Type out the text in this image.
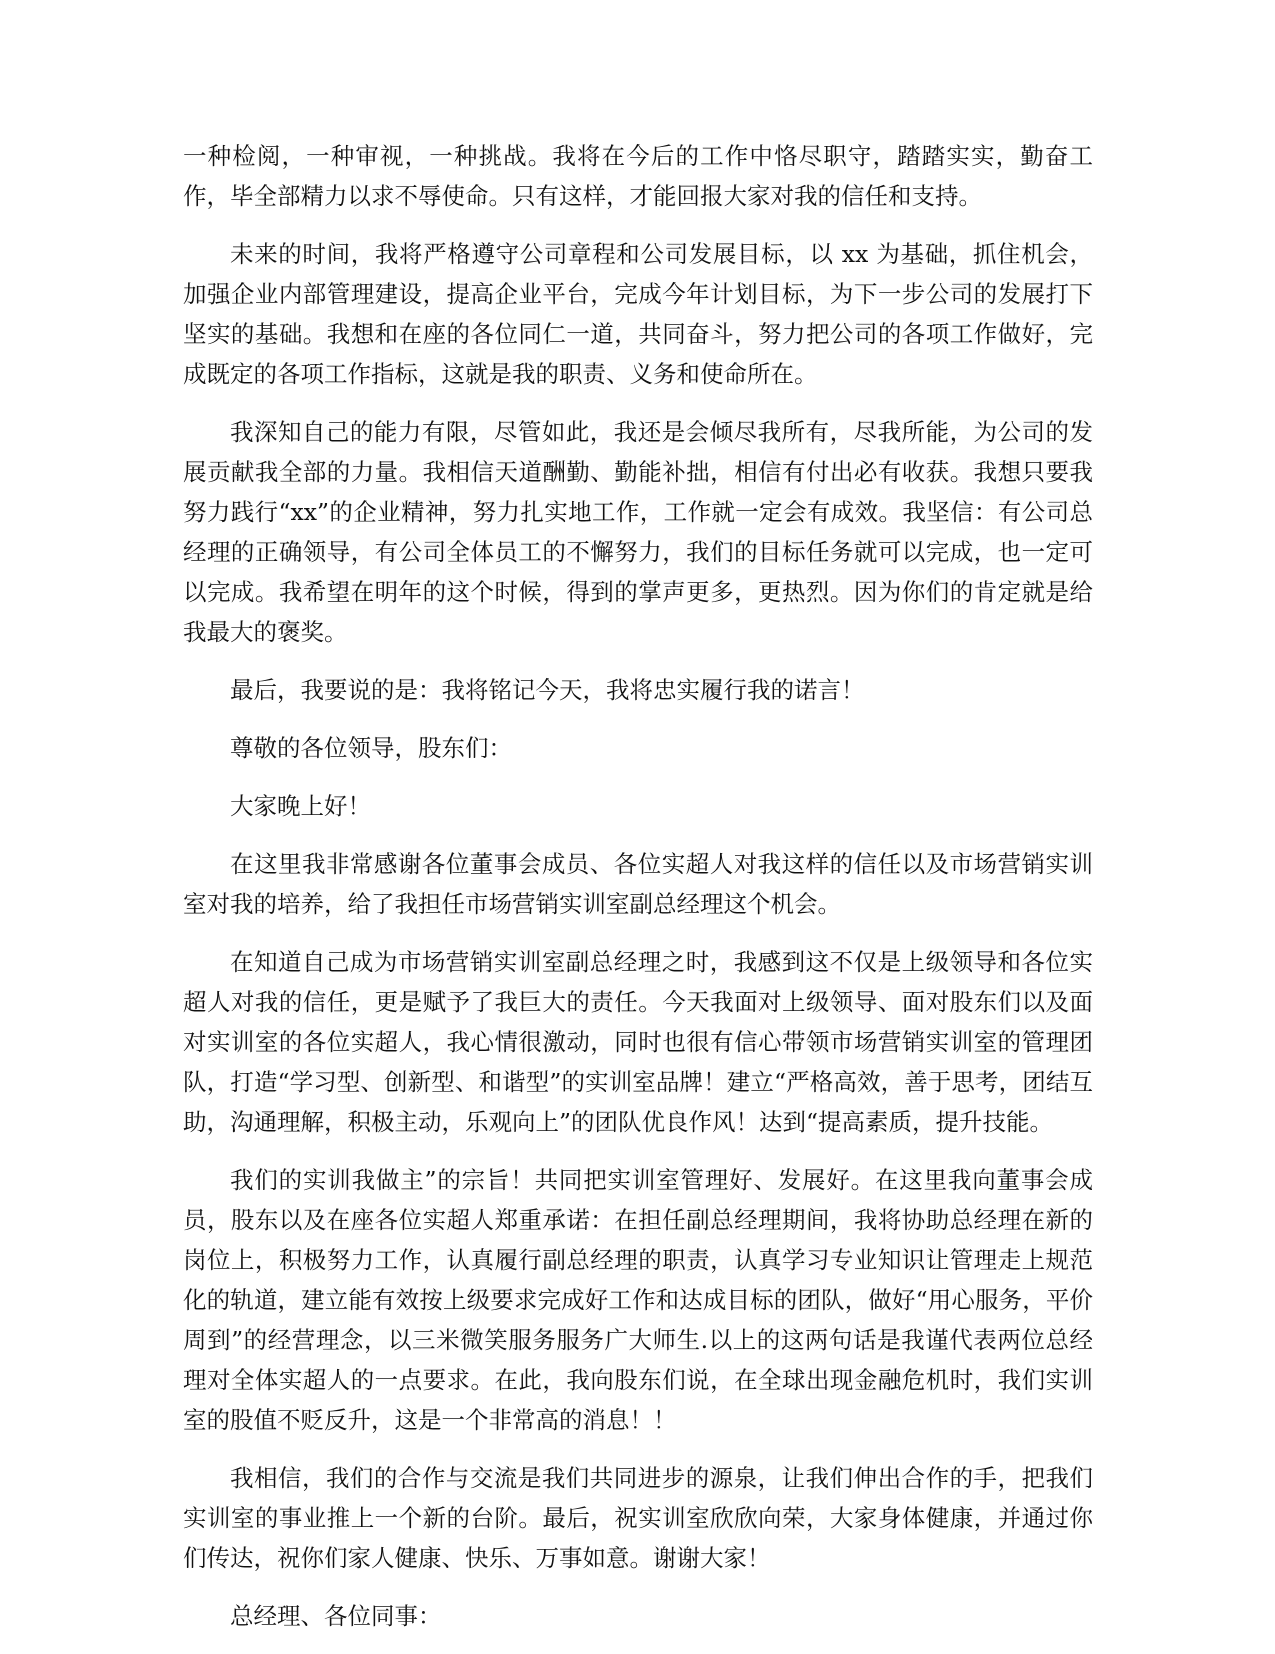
一种检阅，一种审视，一种挑战。我将在今后的工作中恪尽职守，踏踏实实，勤奋工作，毕全部精力以求不辱使命。只有这样，才能回报大家对我的信任和支持。

未来的时间，我将严格遵守公司章程和公司发展目标，以 xx 为基础，抓住机会，加强企业内部管理建设，提高企业平台，完成今年计划目标，为下一步公司的发展打下坚实的基础。我想和在座的各位同仁一道，共同奋斗，努力把公司的各项工作做好，完成既定的各项工作指标，这就是我的职责、义务和使命所在。

我深知自己的能力有限，尽管如此，我还是会倾尽我所有，尽我所能，为公司的发展贡献我全部的力量。我相信天道酬勤、勤能补拙，相信有付出必有收获。我想只要我努力践行“xx”的企业精神，努力扎实地工作，工作就一定会有成效。我坚信：有公司总经理的正确领导，有公司全体员工的不懈努力，我们的目标任务就可以完成，也一定可以完成。我希望在明年的这个时候，得到的掌声更多，更热烈。因为你们的肯定就是给我最大的褒奖。

最后，我要说的是：我将铭记今天，我将忠实履行我的诺言！

尊敬的各位领导，股东们：

大家晚上好！

在这里我非常感谢各位董事会成员、各位实超人对我这样的信任以及市场营销实训室对我的培养，给了我担任市场营销实训室副总经理这个机会。

在知道自己成为市场营销实训室副总经理之时，我感到这不仅是上级领导和各位实超人对我的信任，更是赋予了我巨大的责任。今天我面对上级领导、面对股东们以及面对实训室的各位实超人，我心情很激动，同时也很有信心带领市场营销实训室的管理团队，打造“学习型、创新型、和谐型”的实训室品牌！建立“严格高效，善于思考，团结互助，沟通理解，积极主动，乐观向上”的团队优良作风！达到“提高素质，提升技能。

我们的实训我做主”的宗旨！共同把实训室管理好、发展好。在这里我向董事会成员，股东以及在座各位实超人郑重承诺：在担任副总经理期间，我将协助总经理在新的岗位上，积极努力工作，认真履行副总经理的职责，认真学习专业知识让管理走上规范化的轨道，建立能有效按上级要求完成好工作和达成目标的团队，做好“用心服务，平价周到”的经营理念，以三米微笑服务服务广大师生.以上的这两句话是我谨代表两位总经理对全体实超人的一点要求。在此，我向股东们说，在全球出现金融危机时，我们实训室的股值不贬反升，这是一个非常高的消息！！

我相信，我们的合作与交流是我们共同进步的源泉，让我们伸出合作的手，把我们实训室的事业推上一个新的台阶。最后，祝实训室欣欣向荣，大家身体健康，并通过你们传达，祝你们家人健康、快乐、万事如意。谢谢大家！

总经理、各位同事：
